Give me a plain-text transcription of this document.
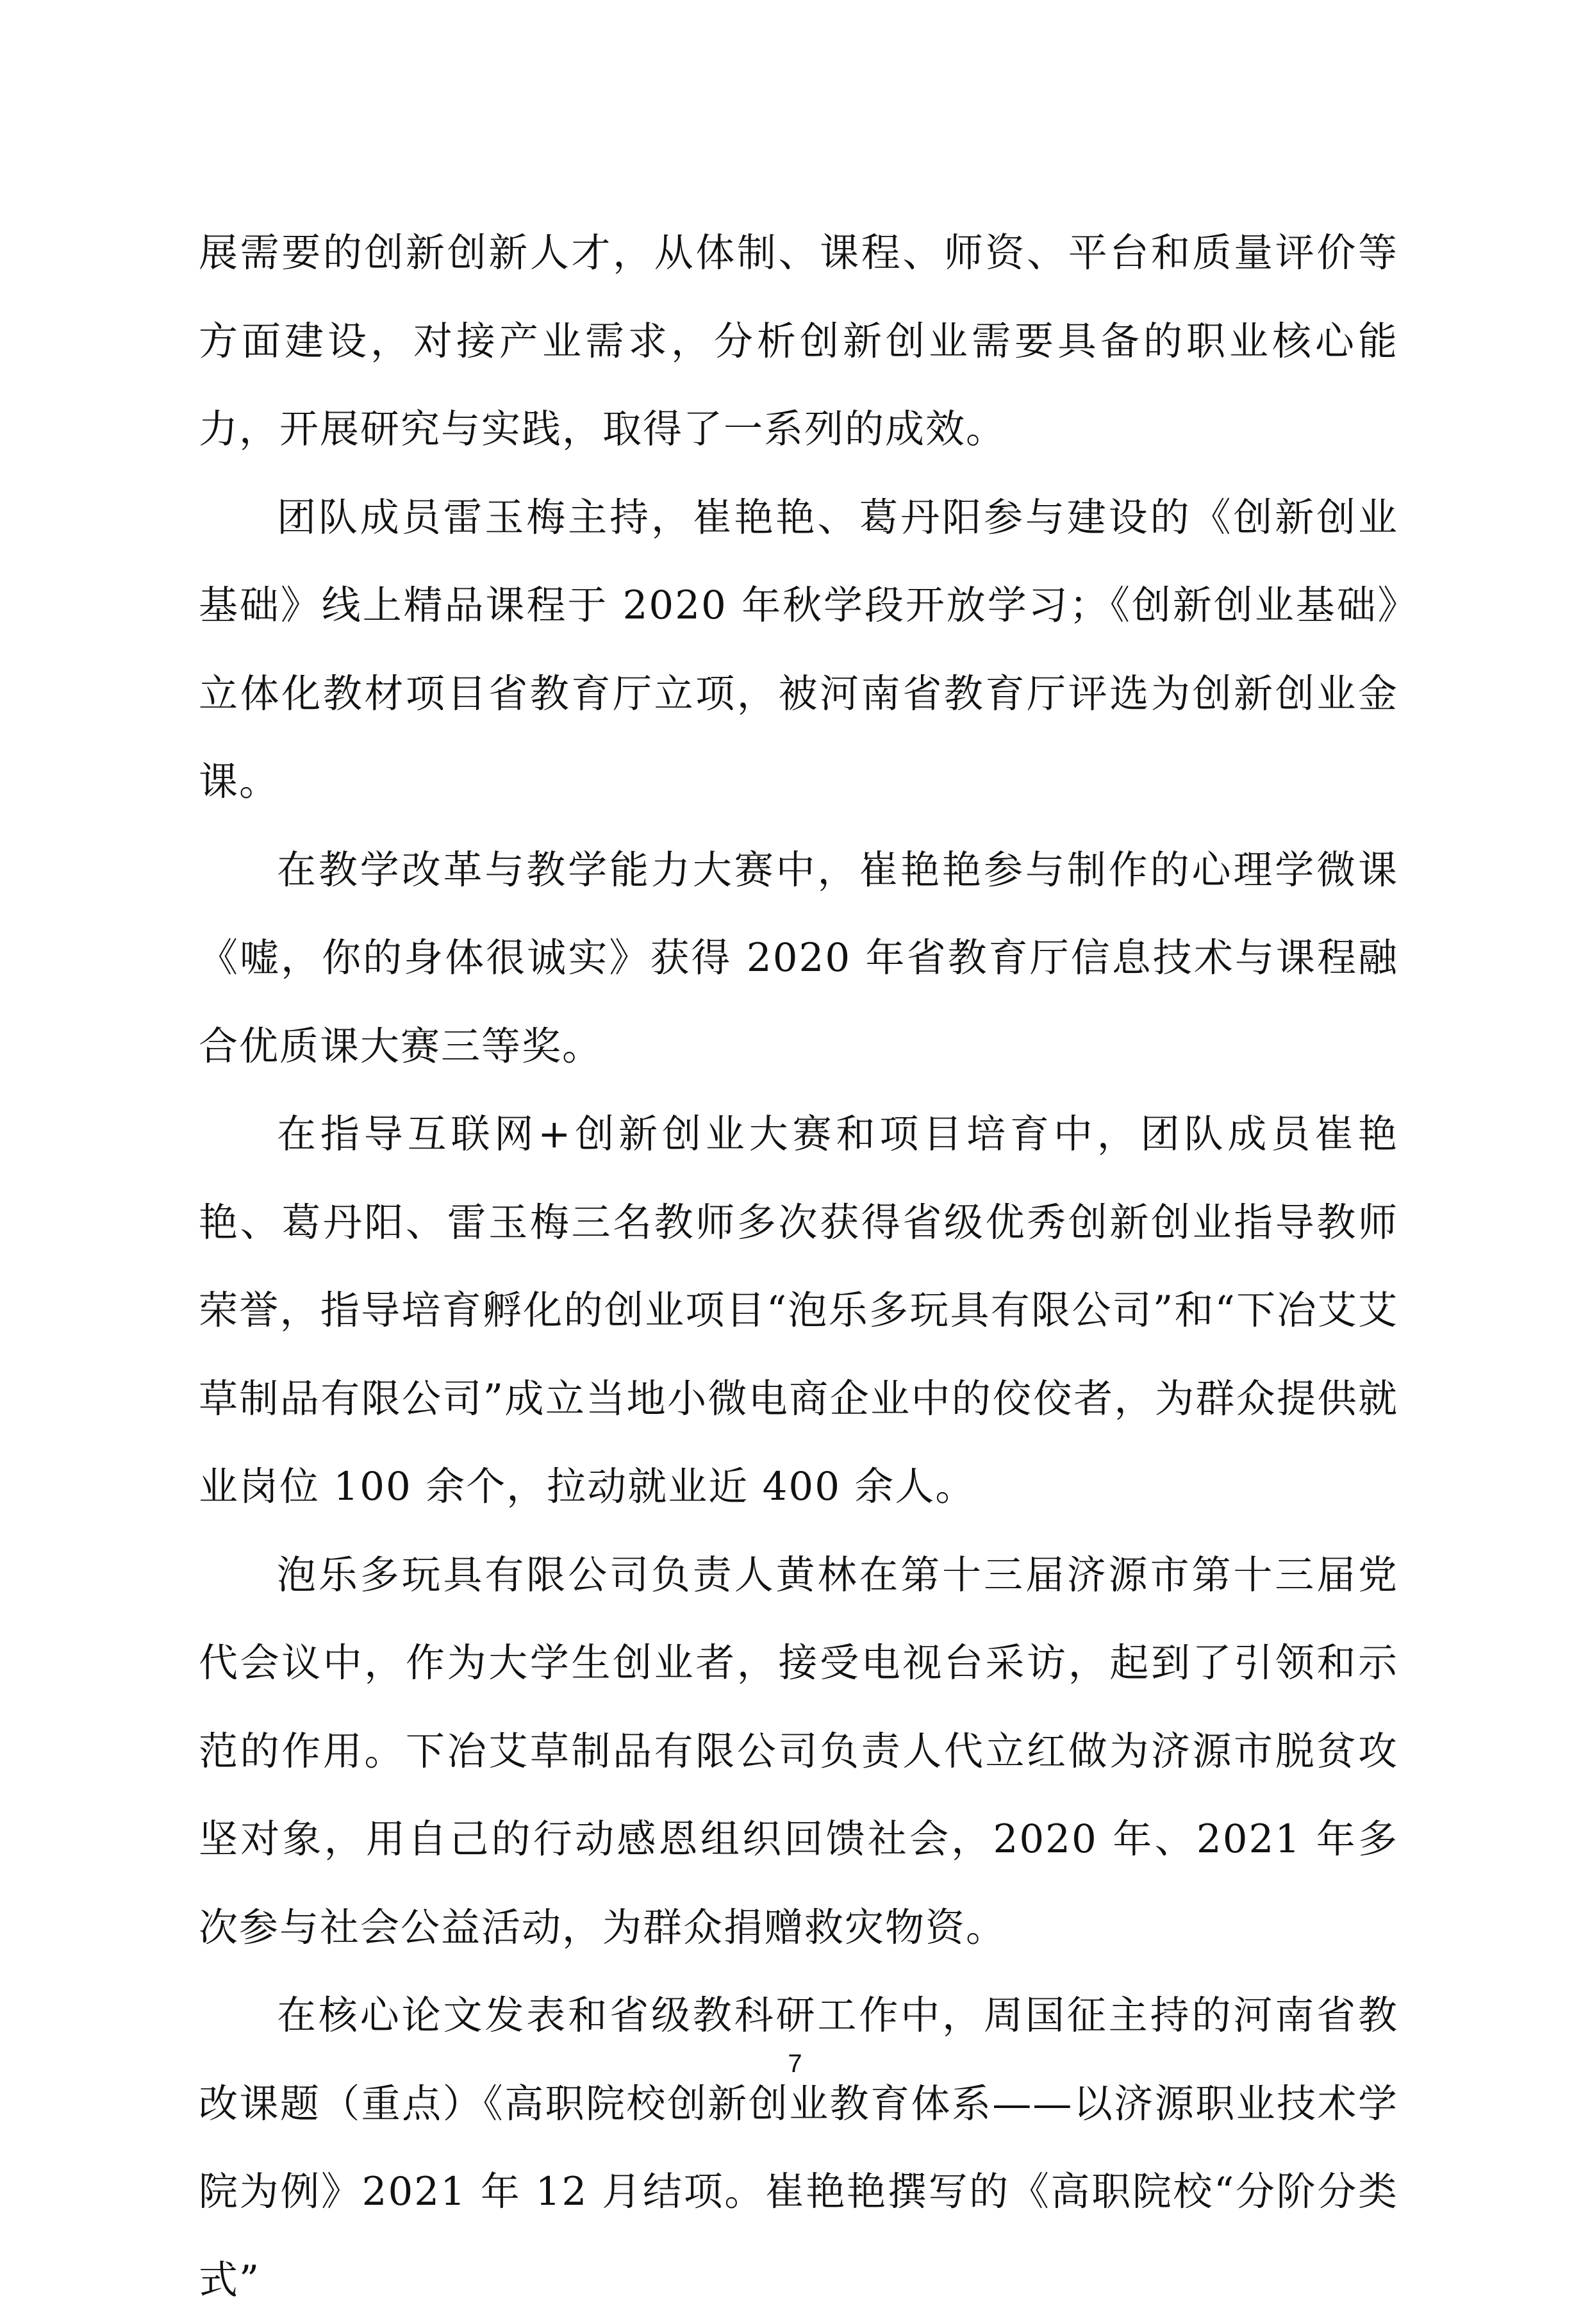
展需要的创新创新人才，从体制、课程、师资、平台和质量评价等方面建设，对接产业需求，分析创新创业需要具备的职业核心能力，开展研究与实践，取得了一系列的成效。

团队成员雷玉梅主持，崔艳艳、葛丹阳参与建设的《创新创业基础》线上精品课程于 2020 年秋学段开放学习；《创新创业基础》立体化教材项目省教育厅立项，被河南省教育厅评选为创新创业金课。

在教学改革与教学能力大赛中，崔艳艳参与制作的心理学微课《嘘，你的身体很诚实》获得 2020 年省教育厅信息技术与课程融合优质课大赛三等奖。

在指导互联网+创新创业大赛和项目培育中，团队成员崔艳艳、葛丹阳、雷玉梅三名教师多次获得省级优秀创新创业指导教师荣誉，指导培育孵化的创业项目“泡乐多玩具有限公司”和“下冶艾艾草制品有限公司”成立当地小微电商企业中的佼佼者，为群众提供就业岗位 100 余个，拉动就业近 400 余人。

泡乐多玩具有限公司负责人黄林在第十三届济源市第十三届党代会议中，作为大学生创业者，接受电视台采访，起到了引领和示范的作用。下冶艾草制品有限公司负责人代立红做为济源市脱贫攻坚对象，用自己的行动感恩组织回馈社会，2020 年、2021 年多次参与社会公益活动，为群众捐赠救灾物资。

在核心论文发表和省级教科研工作中，周国征主持的河南省教改课题（重点）《高职院校创新创业教育体系——以济源职业技术学院为例》2021 年 12 月结项。崔艳艳撰写的《高职院校“分阶分类式”

7
